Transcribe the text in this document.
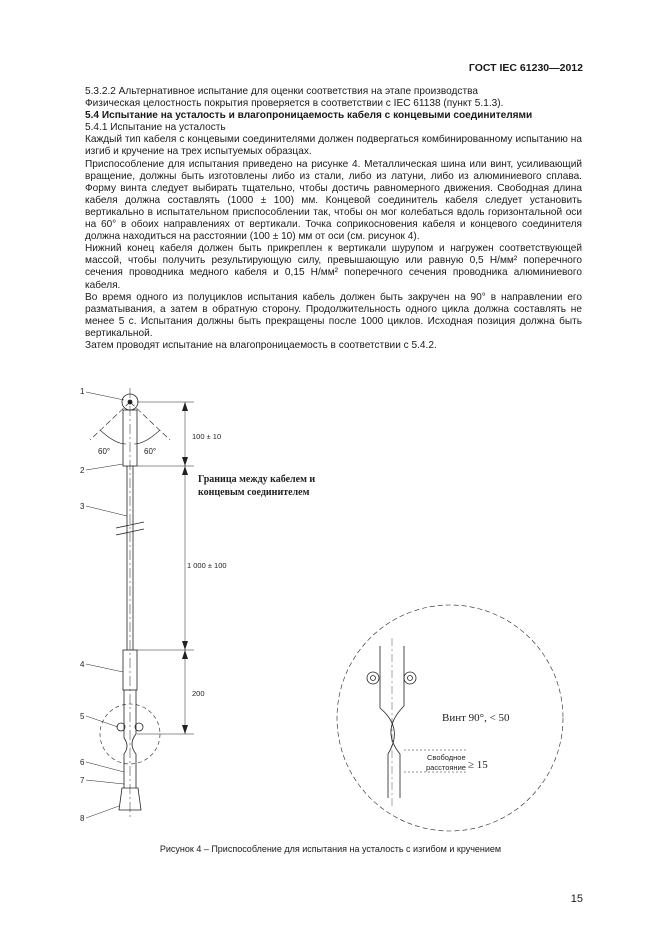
ГОСТ IEC 61230—2012

5.3.2.2 Альтернативное испытание для оценки соответствия на этапе производства

Физическая целостность покрытия проверяется в соответствии с IEC 61138 (пункт 5.1.3).

5.4 Испытание на усталость и влагопроницаемость кабеля с концевыми соединителями

5.4.1 Испытание на усталость

Каждый тип кабеля с концевыми соединителями должен подвергаться комбинированному испытанию на изгиб и кручение на трех испытуемых образцах.

Приспособление для испытания приведено на рисунке 4. Металлическая шина или винт, усиливающий вращение, должны быть изготовлены либо из стали, либо из латуни, либо из алюминиевого сплава. Форму винта следует выбирать тщательно, чтобы достичь равномерного движения. Свободная длина кабеля должна составлять (1000 ± 100) мм. Концевой соединитель кабеля следует установить вертикально в испытательном приспособлении так, чтобы он мог колебаться вдоль горизонтальной оси на 60° в обоих направлениях от вертикали. Точка соприкосновения кабеля и концевого соединителя должна находиться на расстоянии (100 ± 10) мм от оси (см. рисунок 4).

Нижний конец кабеля должен быть прикреплен к вертикали шурупом и нагружен соответствующей массой, чтобы получить результирующую силу, превышающую или равную 0,5 Н/мм² поперечного сечения проводника медного кабеля и 0,15 Н/мм² поперечного сечения проводника алюминиевого кабеля.

Во время одного из полуциклов испытания кабель должен быть закручен на 90° в направлении его разматывания, а затем в обратную сторону. Продолжительность одного цикла должна составлять не менее 5 с. Испытания должны быть прекращены после 1000 циклов. Исходная позиция должна быть вертикальной.

Затем проводят испытание на влагопроницаемость в соответствии с 5.4.2.

60°	60°
1
2
3
4
5
6
7
8
100 ± 10
1 000 ± 100
200
Граница между кабелем и
концевым соединителем
Винт 90°, < 50
Свободное
расстояние ≥ 15
Рисунок 4 – Приспособление для испытания на усталость с изгибом и кручением
15
